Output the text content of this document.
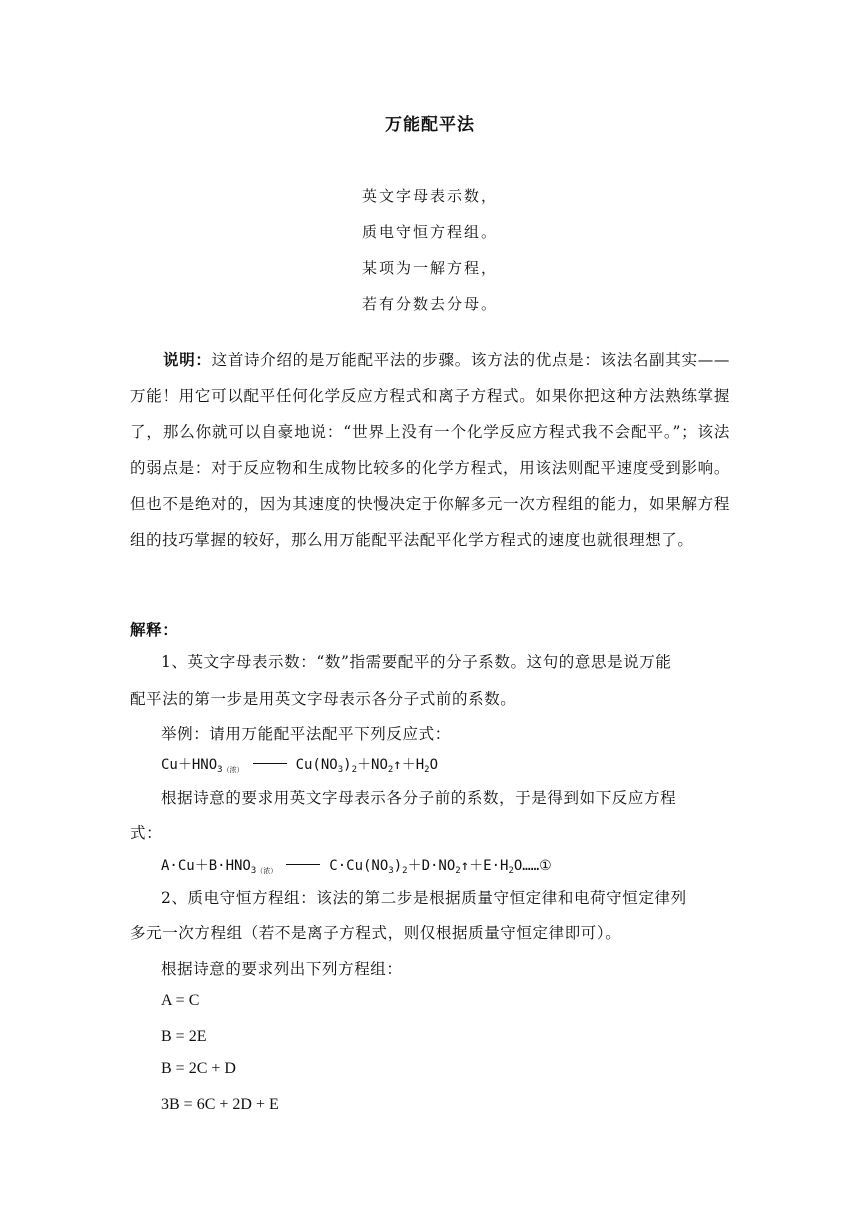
万能配平法
英文字母表示数，
质电守恒方程组。
某项为一解方程，
若有分数去分母。
说明：这首诗介绍的是万能配平法的步骤。该方法的优点是：该法名副其实——万能！用它可以配平任何化学反应方程式和离子方程式。如果你把这种方法熟练掌握了，那么你就可以自豪地说：“世界上没有一个化学反应方程式我不会配平。”；该法的弱点是：对于反应物和生成物比较多的化学方程式，用该法则配平速度受到影响。但也不是绝对的，因为其速度的快慢决定于你解多元一次方程组的能力，如果解方程组的技巧掌握的较好，那么用万能配平法配平化学方程式的速度也就很理想了。
解释：
1、英文字母表示数：“数”指需要配平的分子系数。这句的意思是说万能
配平法的第一步是用英文字母表示各分子式前的系数。
举例：请用万能配平法配平下列反应式：
$Cu+HNO_{3(浓)}$	$Cu(NO_3)_2+NO_2↑+H_2O$
根据诗意的要求用英文字母表示各分子前的系数，于是得到如下反应方程
式：
$A\cdot Cu+B\cdot HNO_{3(浓)}$	$C\cdot Cu(NO_3)_2+D\cdot NO_2↑+E\cdot H_2O\dots\dots ①$
2、质电守恒方程组：该法的第二步是根据质量守恒定律和电荷守恒定律列
多元一次方程组（若不是离子方程式，则仅根据质量守恒定律即可）。
根据诗意的要求列出下列方程组：
A = C
B = 2E
B = 2C + D
3B = 6C + 2D + E
